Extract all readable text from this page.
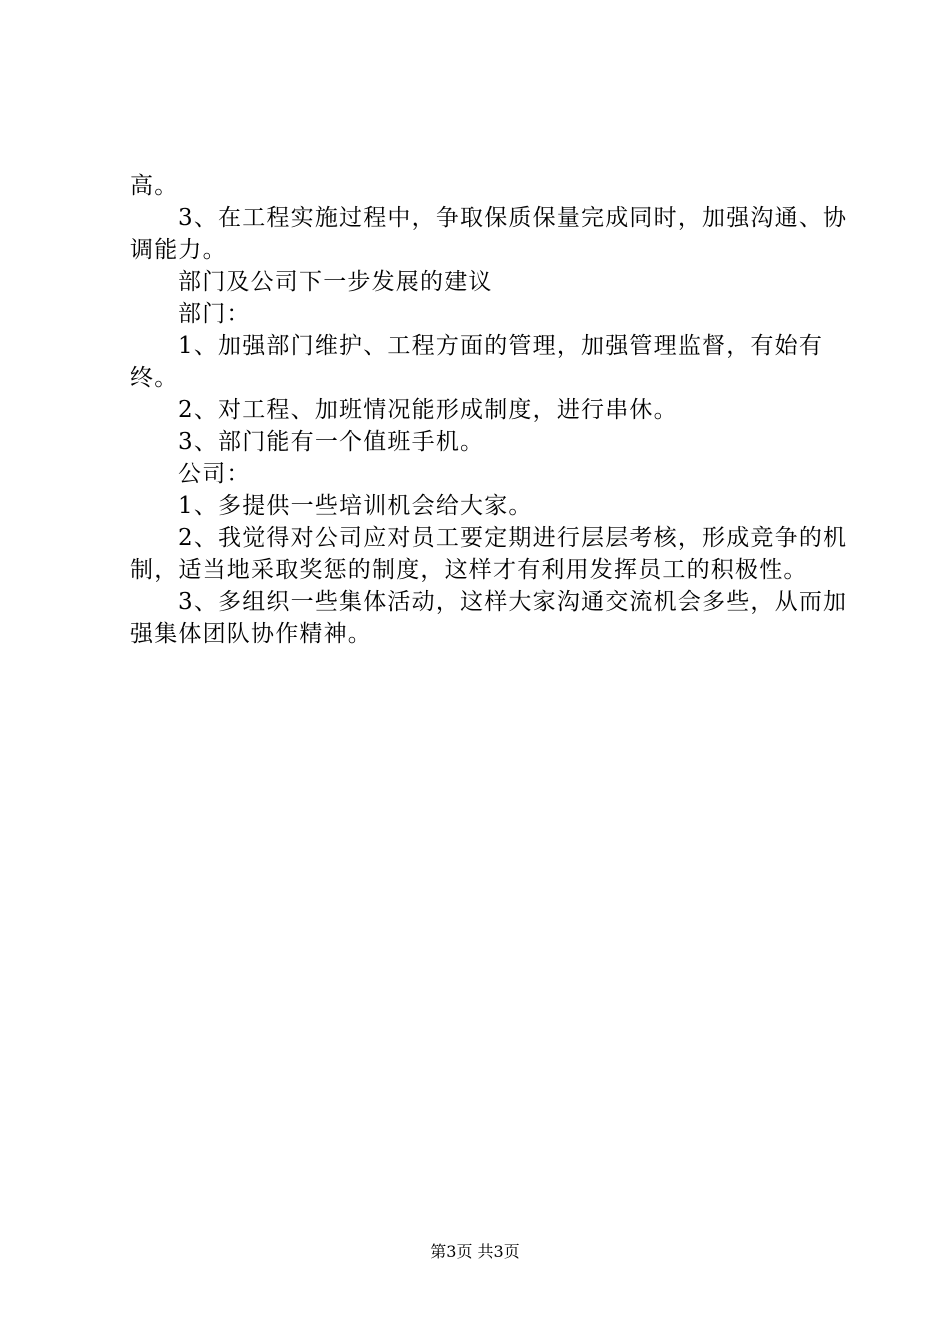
高。

3、在工程实施过程中，争取保质保量完成同时，加强沟通、协调能力。

部门及公司下一步发展的建议

部门：

1、加强部门维护、工程方面的管理，加强管理监督，有始有终。

2、对工程、加班情况能形成制度，进行串休。

3、部门能有一个值班手机。

公司：

1、多提供一些培训机会给大家。

2、我觉得对公司应对员工要定期进行层层考核，形成竞争的机制，适当地采取奖惩的制度，这样才有利用发挥员工的积极性。

3、多组织一些集体活动，这样大家沟通交流机会多些，从而加强集体团队协作精神。

第3页 共3页
